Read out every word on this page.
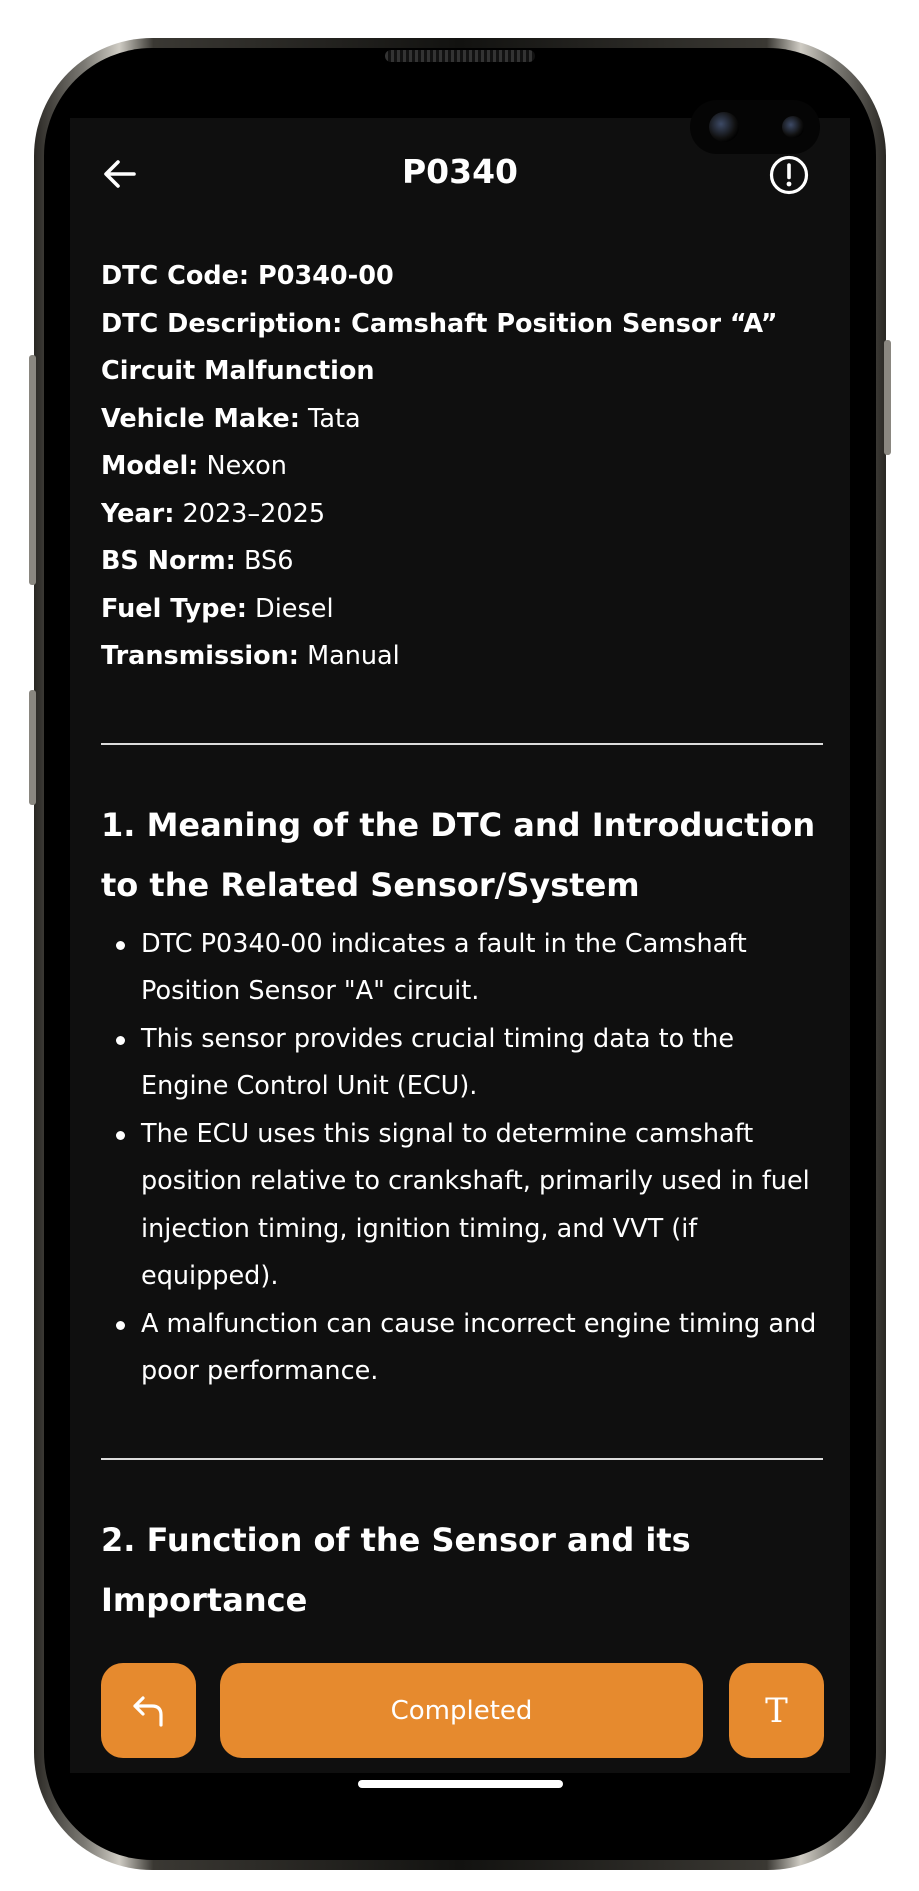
P0340

DTC Code: P0340-00

DTC Description: Camshaft Position Sensor “A” Circuit Malfunction

Vehicle Make: Tata

Model: Nexon

Year: 2023–2025

BS Norm: BS6

Fuel Type: Diesel

Transmission: Manual

1. Meaning of the DTC and Introduction to the Related Sensor/System
DTC P0340-00 indicates a fault in the Camshaft Position Sensor "A" circuit.
This sensor provides crucial timing data to the Engine Control Unit (ECU).
The ECU uses this signal to determine camshaft position relative to crankshaft, primarily used in fuel injection timing, ignition timing, and VVT (if equipped).
A malfunction can cause incorrect engine timing and poor performance.
2. Function of the Sensor and its Importance
Completed	T
